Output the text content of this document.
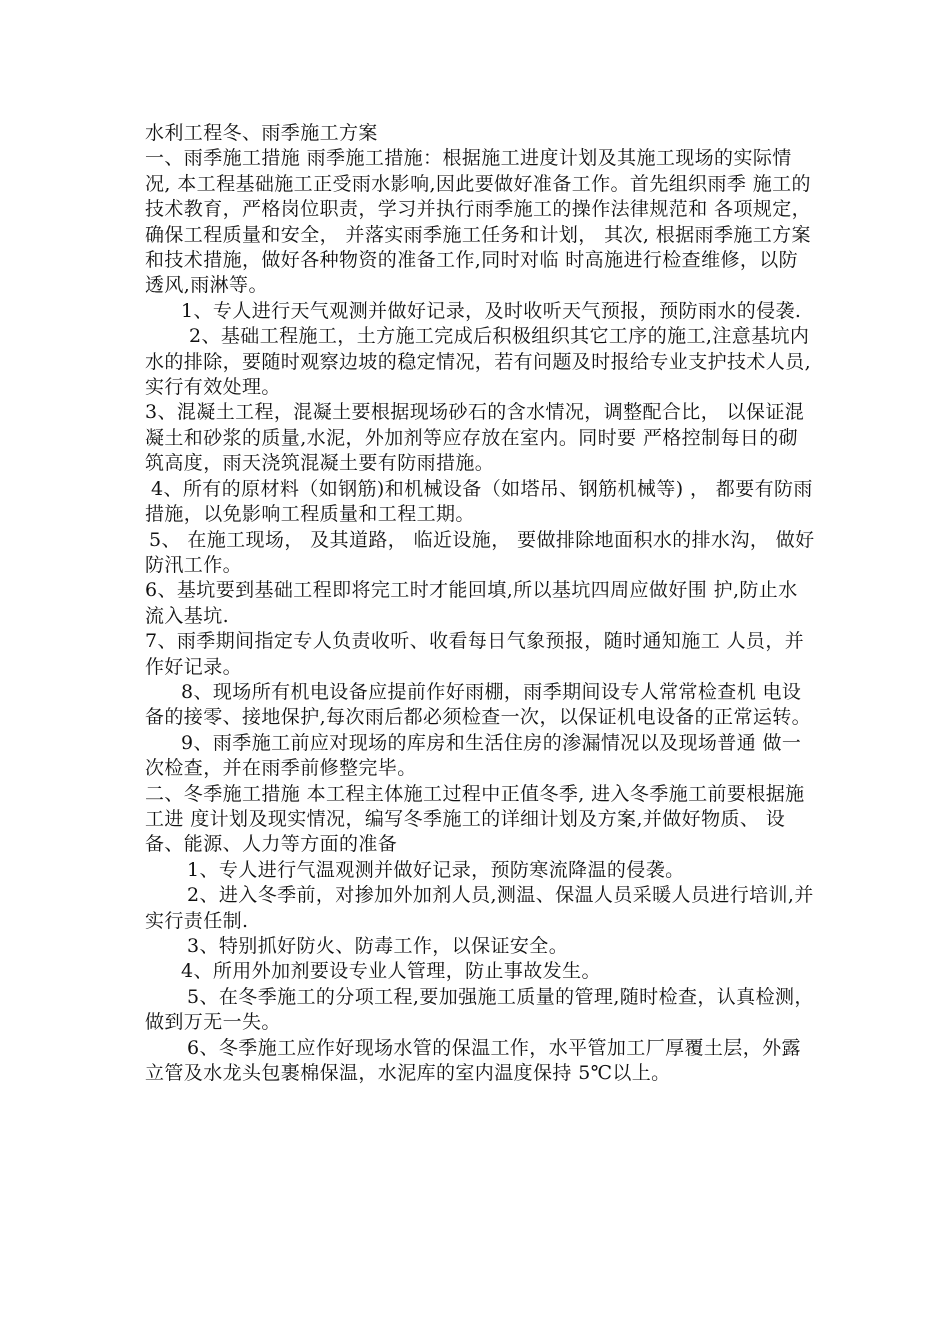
水利工程冬、雨季施工方案

一、雨季施工措施 雨季施工措施：根据施工进度计划及其施工现场的实际情况, 本工程基础施工正受雨水影响,因此要做好准备工作。首先组织雨季 施工的技术教育，严格岗位职责，学习并执行雨季施工的操作法律规范和 各项规定， 确保工程质量和安全， 并落实雨季施工任务和计划， 其次, 根据雨季施工方案和技术措施，做好各种物资的准备工作,同时对临 时高施进行检查维修，以防透风,雨淋等。

1、专人进行天气观测并做好记录，及时收听天气预报，预防雨水的侵袭.

2、基础工程施工，土方施工完成后积极组织其它工序的施工,注意基坑内水的排除，要随时观察边坡的稳定情况，若有问题及时报给专业支护技术人员,实行有效处理。

3、混凝土工程，混凝土要根据现场砂石的含水情况，调整配合比， 以保证混凝土和砂浆的质量,水泥，外加剂等应存放在室内。同时要 严格控制每日的砌筑高度，雨天浇筑混凝土要有防雨措施。

4、所有的原材料（如钢筋)和机械设备（如塔吊、钢筋机械等) ， 都要有防雨措施，以免影响工程质量和工程工期。

5、 在施工现场， 及其道路， 临近设施， 要做排除地面积水的排水沟， 做好防汛工作。

6、基坑要到基础工程即将完工时才能回填,所以基坑四周应做好围 护,防止水流入基坑.

7、雨季期间指定专人负责收听、收看每日气象预报，随时通知施工 人员，并作好记录。

8、现场所有机电设备应提前作好雨棚，雨季期间设专人常常检查机 电设备的接零、接地保护,每次雨后都必须检查一次，以保证机电设备的正常运转。

9、雨季施工前应对现场的库房和生活住房的渗漏情况以及现场普通 做一次检查，并在雨季前修整完毕。

二、冬季施工措施 本工程主体施工过程中正值冬季, 进入冬季施工前要根据施工进 度计划及现实情况，编写冬季施工的详细计划及方案,并做好物质、 设备、能源、人力等方面的准备

1、专人进行气温观测并做好记录，预防寒流降温的侵袭。

2、进入冬季前，对掺加外加剂人员,测温、保温人员采暖人员进行培训,并实行责任制.

3、特别抓好防火、防毒工作，以保证安全。

4、所用外加剂要设专业人管理，防止事故发生。

5、在冬季施工的分项工程,要加强施工质量的管理,随时检查，认真检测，做到万无一失。

6、冬季施工应作好现场水管的保温工作，水平管加工厂厚覆土层，外露立管及水龙头包裹棉保温，水泥库的室内温度保持 5℃以上。
